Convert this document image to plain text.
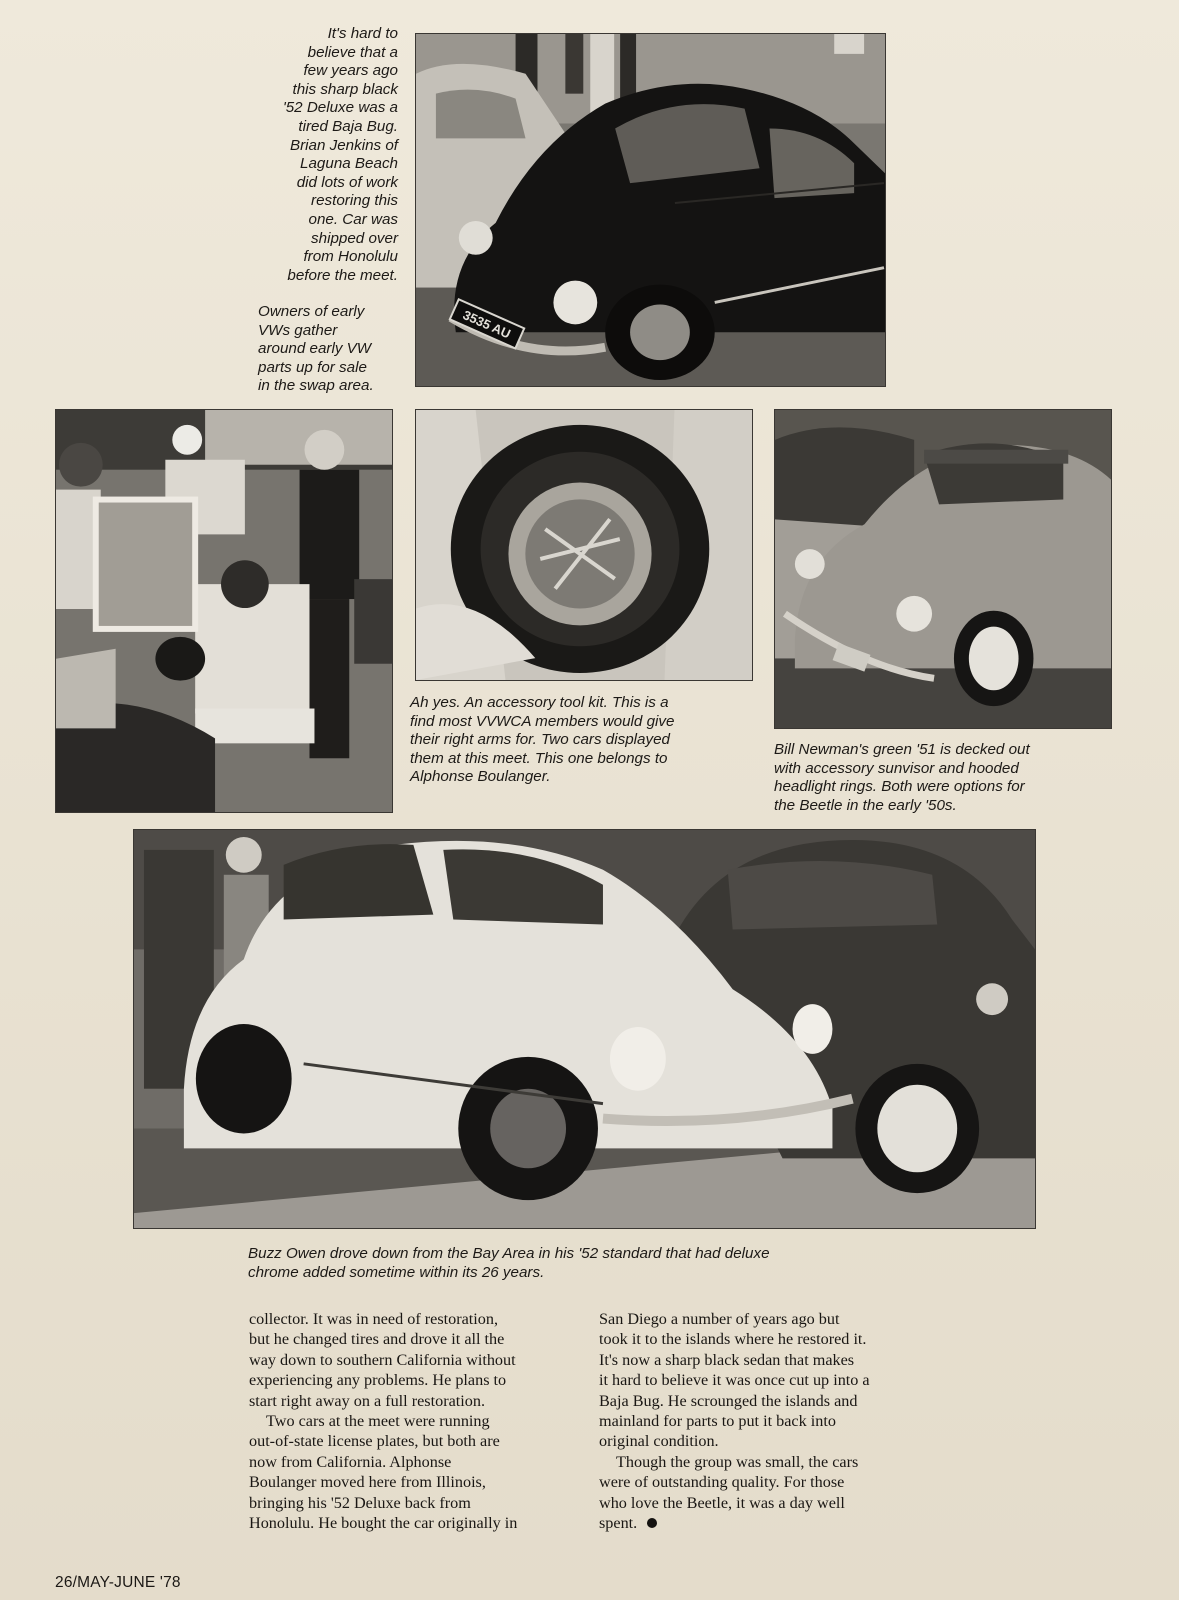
It's hard to
believe that a
few years ago
this sharp black
'52 Deluxe was a
tired Baja Bug.
Brian Jenkins of
Laguna Beach
did lots of work
restoring this
one. Car was
shipped over
from Honolulu
before the meet.
Owners of early
VWs gather
around early VW
parts up for sale
in the swap area.
3535 AU
Ah yes. An accessory tool kit. This is a
find most VVWCA members would give
their right arms for. Two cars displayed
them at this meet. This one belongs to
Alphonse Boulanger.
Bill Newman's green '51 is decked out
with accessory sunvisor and hooded
headlight rings. Both were options for
the Beetle in the early '50s.
Buzz Owen drove down from the Bay Area in his '52 standard that had deluxe
chrome added sometime within its 26 years.

collector. It was in need of restoration,
but he changed tires and drove it all the
way down to southern California without
experiencing any problems. He plans to
start right away on a full restoration.

Two cars at the meet were running
out-of-state license plates, but both are
now from California. Alphonse
Boulanger moved here from Illinois,
bringing his '52 Deluxe back from
Honolulu. He bought the car originally in

San Diego a number of years ago but
took it to the islands where he restored it.
It's now a sharp black sedan that makes
it hard to believe it was once cut up into a
Baja Bug. He scrounged the islands and
mainland for parts to put it back into
original condition.

Though the group was small, the cars
were of outstanding quality. For those
who love the Beetle, it was a day well
spent.

26/MAY-JUNE '78
